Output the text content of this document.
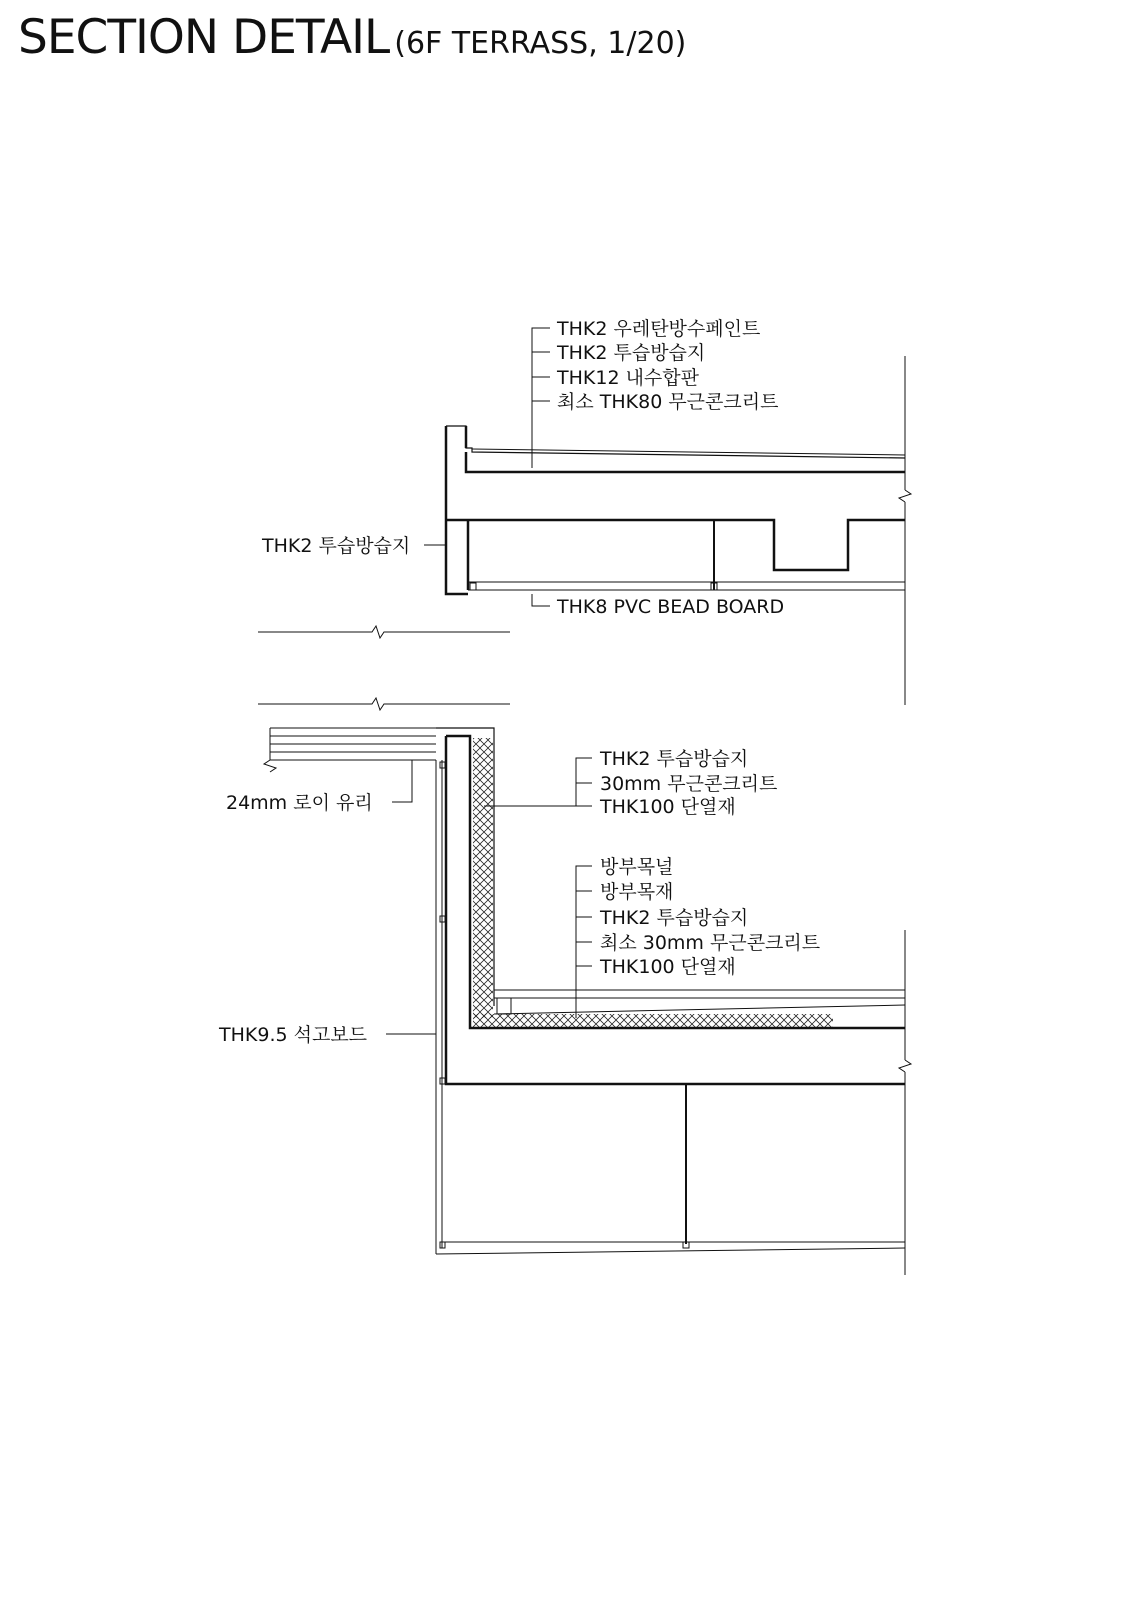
SECTION DETAIL (6F TERRASS, 1/20)
THK2 우레탄방수페인트
THK2 투습방습지
THK12 내수합판
최소 THK80 무근콘크리트
THK2 투습방습지
THK8 PVC BEAD BOARD
THK2 투습방습지
30mm 무근콘크리트
THK100 단열재
24mm 로이 유리
방부목널
방부목재
THK2 투습방습지
최소 30mm 무근콘크리트
THK100 단열재
THK9.5 석고보드
